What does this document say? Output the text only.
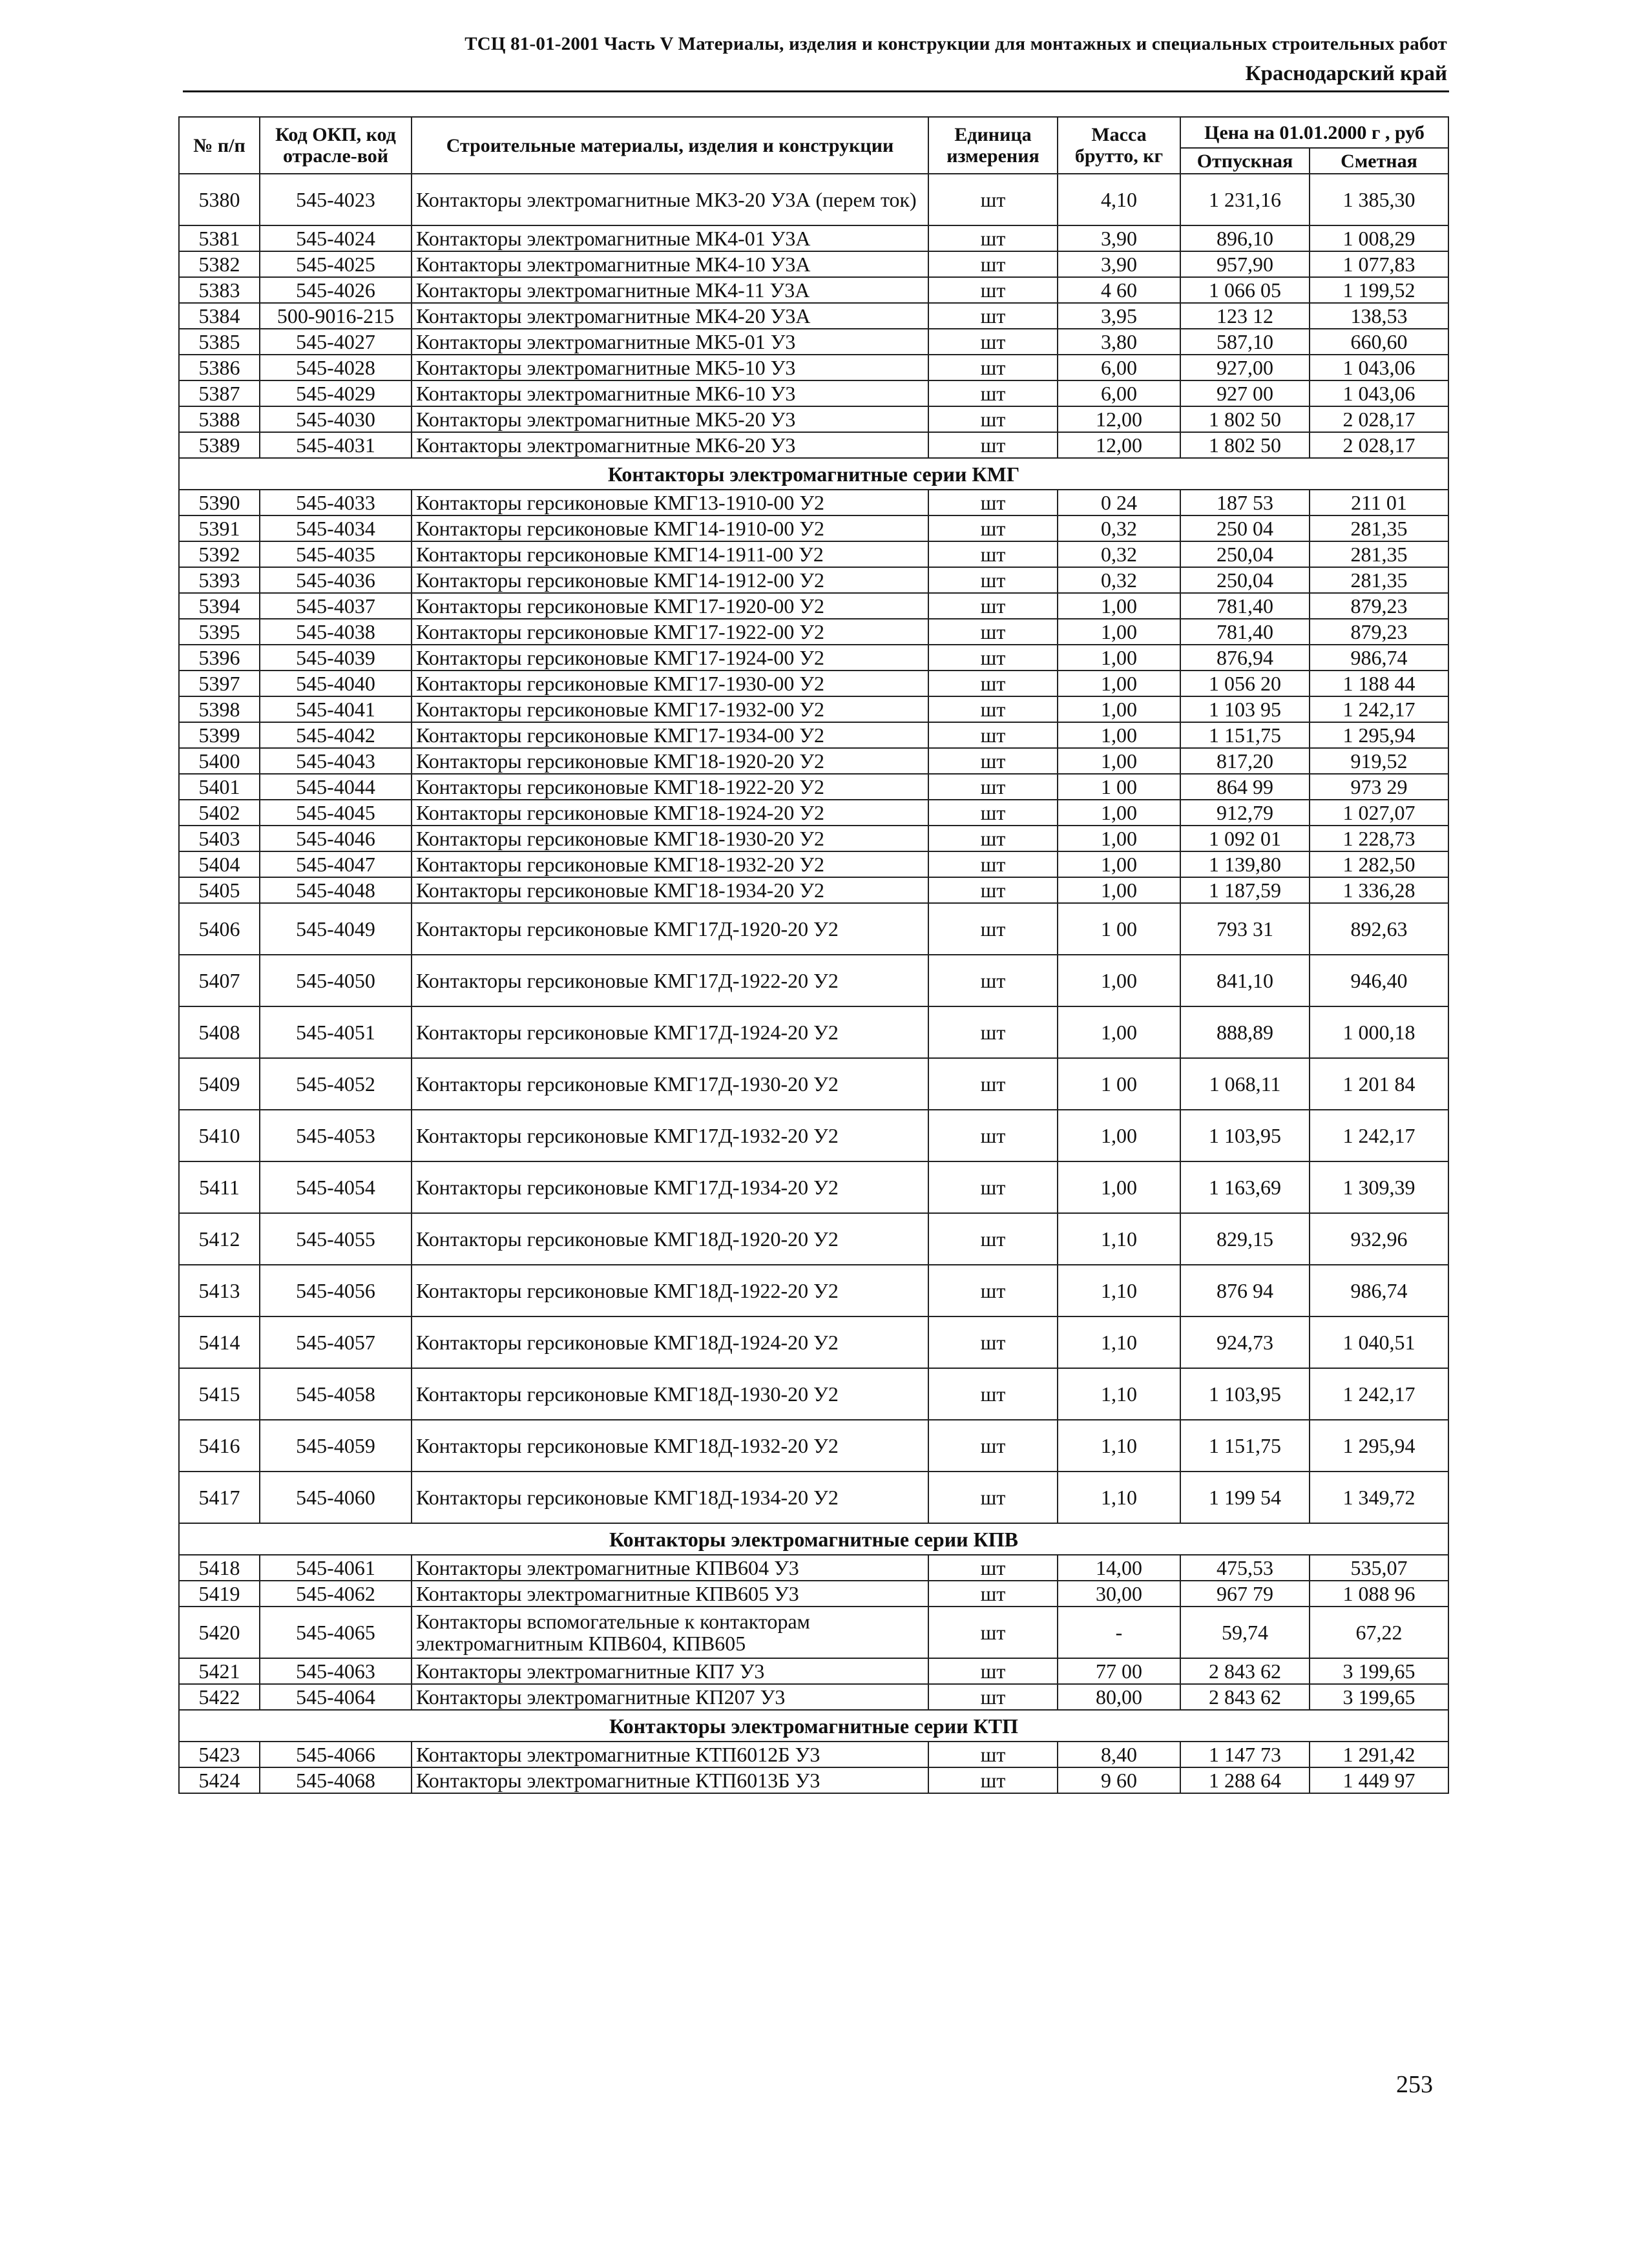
ТСЦ 81-01-2001 Часть V Материалы, изделия и конструкции для монтажных и специальных строительных работ
Краснодарский край
№ п/п	Код ОКП, код отрасле-вой	Строительные материалы, изделия и конструкции	Единица измерения	Масса брутто, кг	Цена на 01.01.2000 г , руб	
					Отпускная	Сметная
5380	545-4023	Контакторы электромагнитные МК3-20 У3А (перем ток)	шт	4,10	1 231,16	1 385,30
5381	545-4024	Контакторы электромагнитные МК4-01 У3А	шт	3,90	896,10	1 008,29
5382	545-4025	Контакторы электромагнитные МК4-10 У3А	шт	3,90	957,90	1 077,83
5383	545-4026	Контакторы электромагнитные МК4-11 У3А	шт	4 60	1 066 05	1 199,52
5384	500-9016-215	Контакторы электромагнитные МК4-20 У3А	шт	3,95	123 12	138,53
5385	545-4027	Контакторы электромагнитные МК5-01 У3	шт	3,80	587,10	660,60
5386	545-4028	Контакторы электромагнитные МК5-10 У3	шт	6,00	927,00	1 043,06
5387	545-4029	Контакторы электромагнитные МК6-10 У3	шт	6,00	927 00	1 043,06
5388	545-4030	Контакторы электромагнитные МК5-20 У3	шт	12,00	1 802 50	2 028,17
5389	545-4031	Контакторы электромагнитные МК6-20 У3	шт	12,00	1 802 50	2 028,17
Контакторы электромагнитные серии КМГ						
5390	545-4033	Контакторы герсиконовые КМГ13-1910-00 У2	шт	0 24	187 53	211 01
5391	545-4034	Контакторы герсиконовые КМГ14-1910-00 У2	шт	0,32	250 04	281,35
5392	545-4035	Контакторы герсиконовые КМГ14-1911-00 У2	шт	0,32	250,04	281,35
5393	545-4036	Контакторы герсиконовые КМГ14-1912-00 У2	шт	0,32	250,04	281,35
5394	545-4037	Контакторы герсиконовые КМГ17-1920-00 У2	шт	1,00	781,40	879,23
5395	545-4038	Контакторы герсиконовые КМГ17-1922-00 У2	шт	1,00	781,40	879,23
5396	545-4039	Контакторы герсиконовые КМГ17-1924-00 У2	шт	1,00	876,94	986,74
5397	545-4040	Контакторы герсиконовые КМГ17-1930-00 У2	шт	1,00	1 056 20	1 188 44
5398	545-4041	Контакторы герсиконовые КМГ17-1932-00 У2	шт	1,00	1 103 95	1 242,17
5399	545-4042	Контакторы герсиконовые КМГ17-1934-00 У2	шт	1,00	1 151,75	1 295,94
5400	545-4043	Контакторы герсиконовые КМГ18-1920-20 У2	шт	1,00	817,20	919,52
5401	545-4044	Контакторы герсиконовые КМГ18-1922-20 У2	шт	1 00	864 99	973 29
5402	545-4045	Контакторы герсиконовые КМГ18-1924-20 У2	шт	1,00	912,79	1 027,07
5403	545-4046	Контакторы герсиконовые КМГ18-1930-20 У2	шт	1,00	1 092 01	1 228,73
5404	545-4047	Контакторы герсиконовые КМГ18-1932-20 У2	шт	1,00	1 139,80	1 282,50
5405	545-4048	Контакторы герсиконовые КМГ18-1934-20 У2	шт	1,00	1 187,59	1 336,28
5406	545-4049	Контакторы герсиконовые КМГ17Д-1920-20 У2	шт	1 00	793 31	892,63
5407	545-4050	Контакторы герсиконовые КМГ17Д-1922-20 У2	шт	1,00	841,10	946,40
5408	545-4051	Контакторы герсиконовые КМГ17Д-1924-20 У2	шт	1,00	888,89	1 000,18
5409	545-4052	Контакторы герсиконовые КМГ17Д-1930-20 У2	шт	1 00	1 068,11	1 201 84
5410	545-4053	Контакторы герсиконовые КМГ17Д-1932-20 У2	шт	1,00	1 103,95	1 242,17
5411	545-4054	Контакторы герсиконовые КМГ17Д-1934-20 У2	шт	1,00	1 163,69	1 309,39
5412	545-4055	Контакторы герсиконовые КМГ18Д-1920-20 У2	шт	1,10	829,15	932,96
5413	545-4056	Контакторы герсиконовые КМГ18Д-1922-20 У2	шт	1,10	876 94	986,74
5414	545-4057	Контакторы герсиконовые КМГ18Д-1924-20 У2	шт	1,10	924,73	1 040,51
5415	545-4058	Контакторы герсиконовые КМГ18Д-1930-20 У2	шт	1,10	1 103,95	1 242,17
5416	545-4059	Контакторы герсиконовые КМГ18Д-1932-20 У2	шт	1,10	1 151,75	1 295,94
5417	545-4060	Контакторы герсиконовые КМГ18Д-1934-20 У2	шт	1,10	1 199 54	1 349,72
Контакторы электромагнитные серии КПВ						
5418	545-4061	Контакторы электромагнитные КПВ604 У3	шт	14,00	475,53	535,07
5419	545-4062	Контакторы электромагнитные КПВ605 У3	шт	30,00	967 79	1 088 96
5420	545-4065	Контакторы вспомогательные к контакторам электромагнитным КПВ604, КПВ605	шт	-	59,74	67,22
5421	545-4063	Контакторы электромагнитные КП7 У3	шт	77 00	2 843 62	3 199,65
5422	545-4064	Контакторы электромагнитные КП207 У3	шт	80,00	2 843 62	3 199,65
Контакторы электромагнитные серии КТП						
5423	545-4066	Контакторы электромагнитные КТП6012Б У3	шт	8,40	1 147 73	1 291,42
5424	545-4068	Контакторы электромагнитные КТП6013Б У3	шт	9 60	1 288 64	1 449 97
253
